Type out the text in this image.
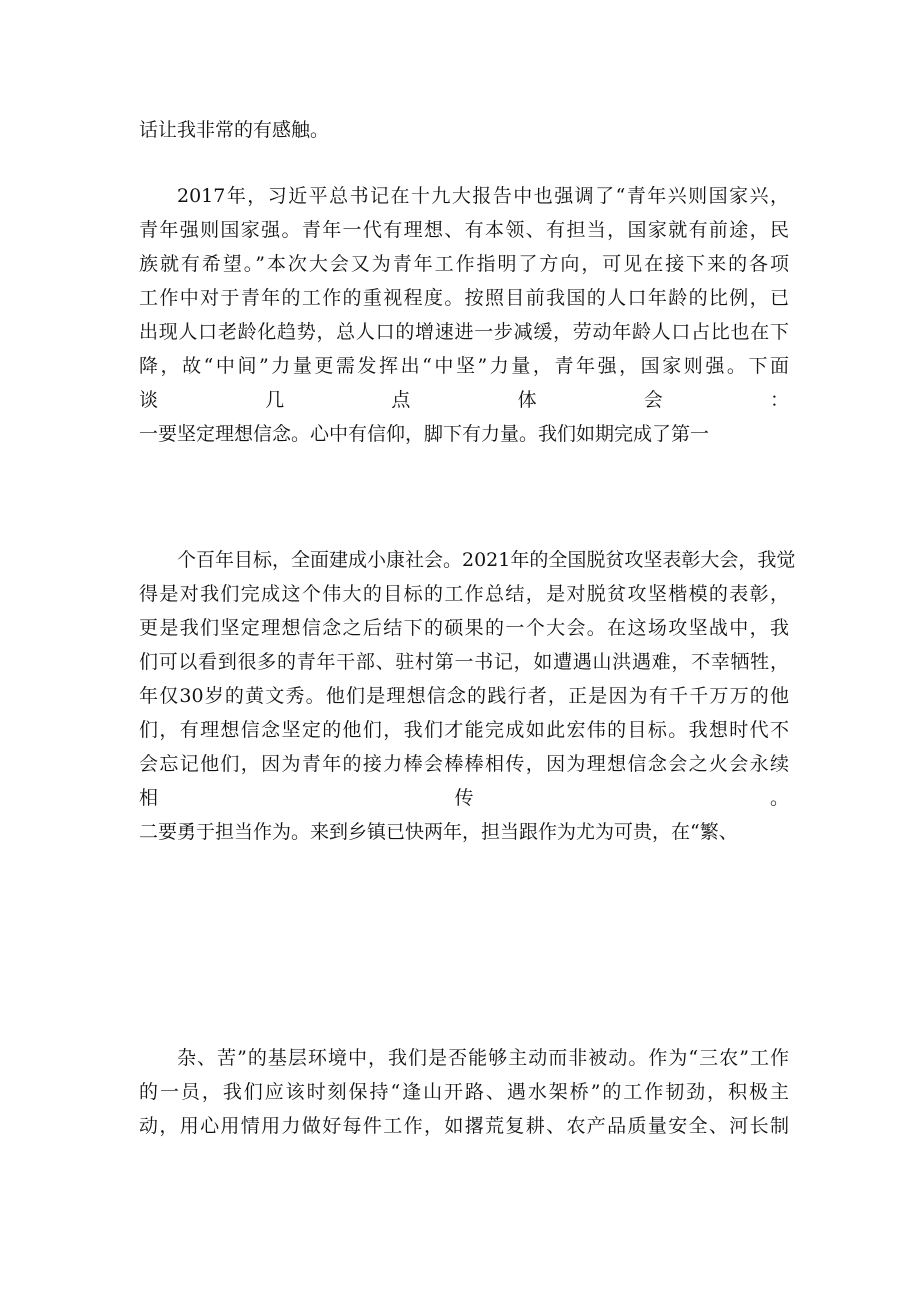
话让我非常的有感触。
2017年，习近平总书记在十九大报告中也强调了“青年兴则国家兴，
青年强则国家强。青年一代有理想、有本领、有担当，国家就有前途，民
族就有希望。”本次大会又为青年工作指明了方向，可见在接下来的各项
工作中对于青年的工作的重视程度。按照目前我国的人口年龄的比例，已
出现人口老龄化趋势，总人口的增速进一步减缓，劳动年龄人口占比也在下
降，故“中间”力量更需发挥出“中坚”力量，青年强，国家则强。下面
谈几点体会：
一要坚定理想信念。心中有信仰，脚下有力量。我们如期完成了第一
个百年目标，全面建成小康社会。2021年的全国脱贫攻坚表彰大会，我觉
得是对我们完成这个伟大的目标的工作总结，是对脱贫攻坚楷模的表彰，
更是我们坚定理想信念之后结下的硕果的一个大会。在这场攻坚战中，我
们可以看到很多的青年干部、驻村第一书记，如遭遇山洪遇难，不幸牺牲，
年仅30岁的黄文秀。他们是理想信念的践行者，正是因为有千千万万的他
们，有理想信念坚定的他们，我们才能完成如此宏伟的目标。我想时代不
会忘记他们，因为青年的接力棒会棒棒相传，因为理想信念会之火会永续
相传。
二要勇于担当作为。来到乡镇已快两年，担当跟作为尤为可贵，在“繁、
杂、苦”的基层环境中，我们是否能够主动而非被动。作为“三农”工作
的一员，我们应该时刻保持“逢山开路、遇水架桥”的工作韧劲，积极主
动，用心用情用力做好每件工作，如撂荒复耕、农产品质量安全、河长制
